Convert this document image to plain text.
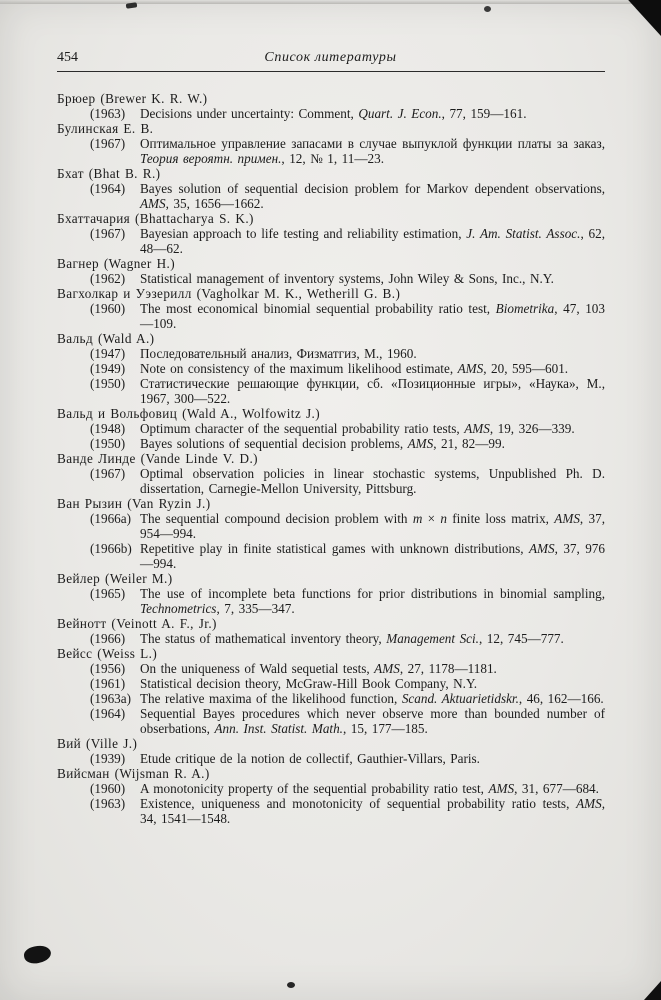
454	Список литературы
Брюер (Brewer K. R. W.)
(1963)	Decisions under uncertainty: Comment, Quart. J. Econ., 77, 159—161.
Булинская Е. В.
(1967)	Оптимальное управление запасами в случае выпуклой функции платы за заказ, Теория вероятн. примен., 12, № 1, 11—23.
Бхат (Bhat B. R.)
(1964)	Bayes solution of sequential decision problem for Markov dependent observations, AMS, 35, 1656—1662.
Бхаттачария (Bhattacharya S. K.)
(1967)	Bayesian approach to life testing and reliability estimation, J. Am. Statist. Assoc., 62, 48—62.
Вагнер (Wagner H.)
(1962)	Statistical management of inventory systems, John Wiley & Sons, Inc., N.Y.
Вагхолкар и Уэзерилл (Vagholkar M. K., Wetherill G. B.)
(1960)	The most economical binomial sequential probability ratio test, Biometrika, 47, 103—109.
Вальд (Wald A.)
(1947)	Последовательный анализ, Физматгиз, М., 1960.
(1949)	Note on consistency of the maximum likelihood estimate, AMS, 20, 595—601.
(1950)	Статистические решающие функции, сб. «Позиционные игры», «Наука», М., 1967, 300—522.
Вальд и Вольфовиц (Wald A., Wolfowitz J.)
(1948)	Optimum character of the sequential probability ratio tests, AMS, 19, 326—339.
(1950)	Bayes solutions of sequential decision problems, AMS, 21, 82—99.
Ванде Линде (Vande Linde V. D.)
(1967)	Optimal observation policies in linear stochastic systems, Unpublished Ph. D. dissertation, Carnegie-Mellon University, Pittsburg.
Ван Рызин (Van Ryzin J.)
(1966a) The sequential compound decision problem with m × n finite loss matrix, AMS, 37, 954—994.
(1966b) Repetitive play in finite statistical games with unknown distributions, AMS, 37, 976—994.
Вейлер (Weiler M.)
(1965)	The use of incomplete beta functions for prior distributions in binomial sampling, Technometrics, 7, 335—347.
Вейнотт (Veinott A. F., Jr.)
(1966)	The status of mathematical inventory theory, Management Sci., 12, 745—777.
Вейсс (Weiss L.)
(1956)	On the uniqueness of Wald sequetial tests, AMS, 27, 1178—1181.
(1961)	Statistical decision theory, McGraw-Hill Book Company, N.Y.
(1963a) The relative maxima of the likelihood function, Scand. Aktuarietidskr., 46, 162—166.
(1964)	Sequential Bayes procedures which never observe more than bounded number of obserbations, Ann. Inst. Statist. Math., 15, 177—185.
Вий (Ville J.)
(1939)	Etude critique de la notion de collectif, Gauthier-Villars, Paris.
Вийсман (Wijsman R. A.)
(1960)	A monotonicity property of the sequential probability ratio test, AMS, 31, 677—684.
(1963)	Existence, uniqueness and monotonicity of sequential probability ratio tests, AMS, 34, 1541—1548.
